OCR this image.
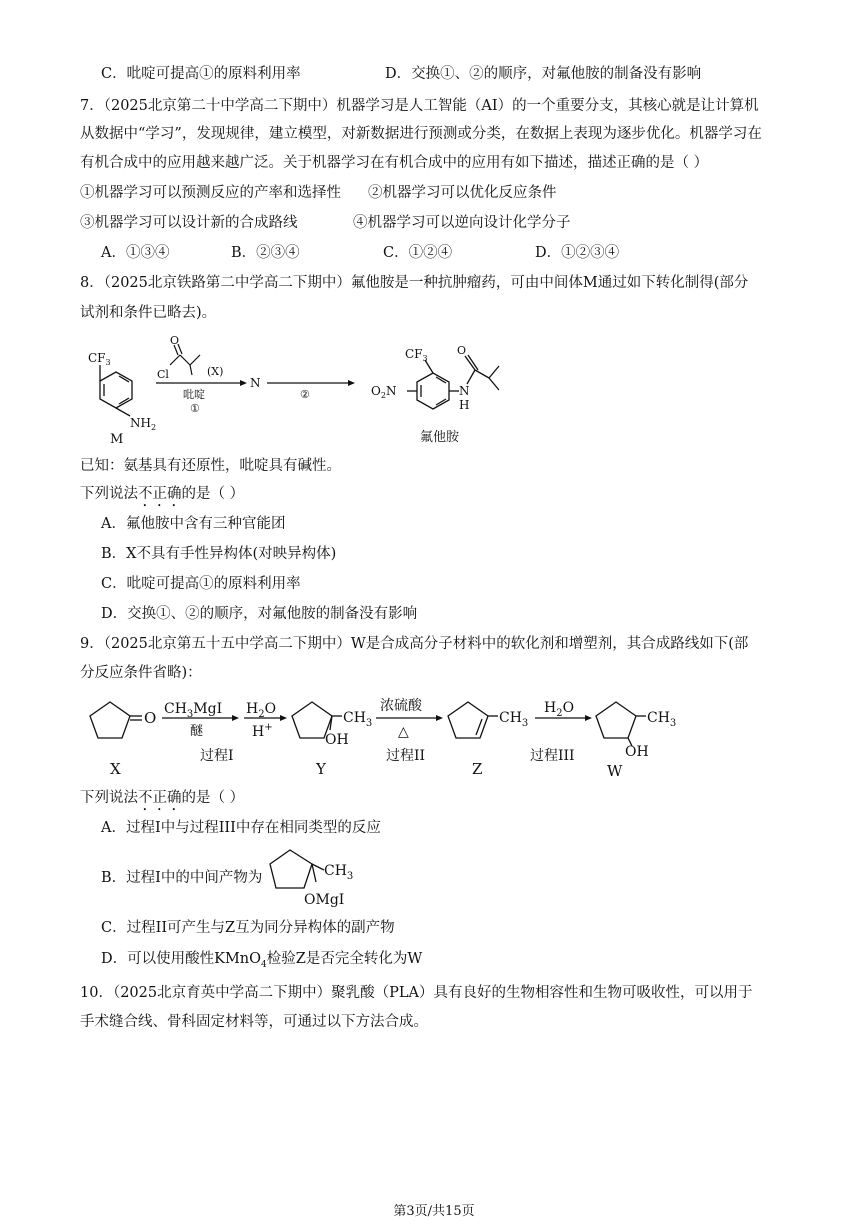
C．吡啶可提高①的原料利用率	D．交换①、②的顺序，对氟他胺的制备没有影响
7．（2025北京第二十中学高二下期中）机器学习是人工智能（AI）的一个重要分支，其核心就是让计算机
从数据中“学习”，发现规律，建立模型，对新数据进行预测或分类，在数据上表现为逐步优化。机器学习在
有机合成中的应用越来越广泛。关于机器学习在有机合成中的应用有如下描述，描述正确的是（ ）
①机器学习可以预测反应的产率和选择性 ②机器学习可以优化反应条件
③机器学习可以设计新的合成路线	④机器学习可以逆向设计化学分子
A．①③④	B．②③④	C．①②④	D．①②③④
8．（2025北京铁路第二中学高二下期中）氟他胺是一种抗肿瘤药，可由中间体M通过如下转化制得(部分
试剂和条件已略去)。
$CF_3$
$NH_2$
M
O
Cl	(X)
吡啶
①
N
②
$CF_3$
O
$O_2N$	N
H
氟他胺
已知：氨基具有还原性，吡啶具有碱性。
下列说法不正确的是（ ）
A．氟他胺中含有三种官能团
B．X不具有手性异构体(对映异构体)
C．吡啶可提高①的原料利用率
D．交换①、②的顺序，对氟他胺的制备没有影响
9．（2025北京第五十五中学高二下期中）W是合成高分子材料中的软化剂和增塑剂，其合成路线如下(部
分反应条件省略)：
O
X
$CH_3MgI$
醚
$H_2O$
H+
过程I
$CH_3$
OH
Y
浓硫酸
△
过程II
$CH_3$
Z
$H_2O$
过程III
$CH_3$
OH
W
下列说法不正确的是（ ）
A．过程I中与过程III中存在相同类型的反应
B．过程I中的中间产物为	$CH_3$
OMgI
C．过程II可产生与Z互为同分异构体的副产物
D．可以使用酸性KMnO$_4$检验Z是否完全转化为W
10．（2025北京育英中学高二下期中）聚乳酸（PLA）具有良好的生物相容性和生物可吸收性，可以用于
手术缝合线、骨科固定材料等，可通过以下方法合成。
第3页/共15页
